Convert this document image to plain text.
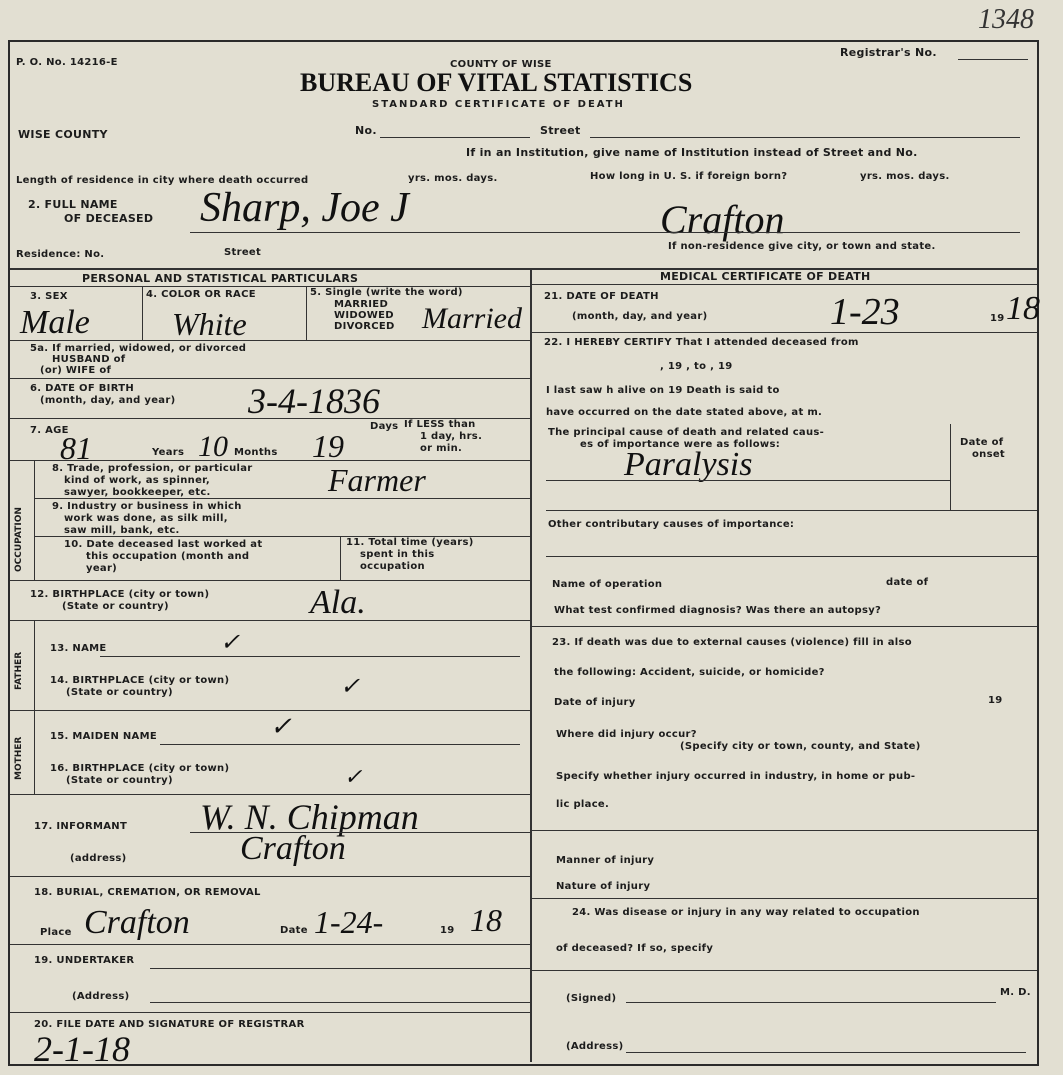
1348
P. O. No. 14216-E
Registrar's No.
COUNTY OF WISE
BUREAU OF VITAL STATISTICS
STANDARD CERTIFICATE OF DEATH
WISE COUNTY	No.	Street
If in an Institution, give name of Institution instead of Street and No.
Length of residence in city where death occurred	yrs. mos. days.	How long in U. S. if foreign born?	yrs. mos. days.
2. FULL NAME
OF DECEASED Sharp, Joe J	Crafton
Residence: No.	Street
If non-residence give city, or town and state.
PERSONAL AND STATISTICAL PARTICULARS
3. SEX	4. COLOR OR RACE	5. Single (write the word)
MARRIED
WIDOWED
DIVORCED
Male	White	Married
5a. If married, widowed, or divorced
HUSBAND of
(or) WIFE of
6. DATE OF BIRTH
(month, day, and year) 3-4-1836
7. AGE
81	Years 10 Months 19
Days If LESS than
1 day, hrs.
or min.
OCCUPATION
8. Trade, profession, or particular
kind of work, as spinner,
sawyer, bookkeeper, etc.	Farmer
9. Industry or business in which
work was done, as silk mill,
saw mill, bank, etc.
10. Date deceased last worked at
this occupation (month and
year)
11. Total time (years)
spent in this
occupation
12. BIRTHPLACE (city or town)
(State or country)	Ala.
FATHER
13. NAME	✓
14. BIRTHPLACE (city or town)
(State or country)	✓
MOTHER
15. MAIDEN NAME	✓
16. BIRTHPLACE (city or town)
(State or country)	✓
17. INFORMANT W. N. Chipman
(address)	Crafton
18. BURIAL, CREMATION, OR REMOVAL
Place Crafton	Date 1-24-	19 18
19. UNDERTAKER
(Address)
20. FILE DATE AND SIGNATURE OF REGISTRAR
2-1-18
MEDICAL CERTIFICATE OF DEATH
21. DATE OF DEATH
(month, day, and year)	1-23	19 18
22. I HEREBY CERTIFY That I attended deceased from
, 19 , to , 19
I last saw h alive on 19 Death is said to
have occurred on the date stated above, at m.
The principal cause of death and related caus-
es of importance were as follows:	Date of
onset
Paralysis
Other contributary causes of importance:
Name of operation	date of
What test confirmed diagnosis? Was there an autopsy?
23. If death was due to external causes (violence) fill in also
the following: Accident, suicide, or homicide?
Date of injury	19
Where did injury occur?
(Specify city or town, county, and State)
Specify whether injury occurred in industry, in home or pub-
lic place.
Manner of injury
Nature of injury
24. Was disease or injury in any way related to occupation
of deceased? If so, specify
(Signed)
M. D.
(Address)
